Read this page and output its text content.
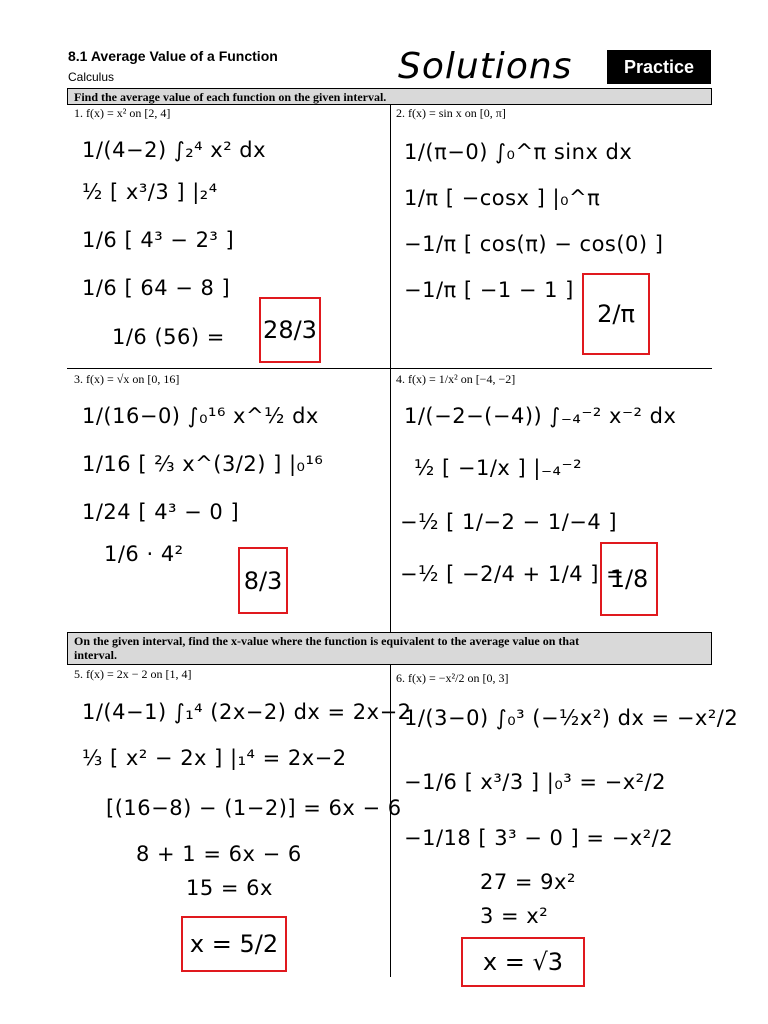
8.1 Average Value of a Function
Calculus	Solutions	Practice
Find the average value of each function on the given interval.
1. f(x) = x² on [2, 4]
1/(4−2) ∫₂⁴ x² dx
½ [ x³/3 ] |₂⁴
1/6 [ 4³ − 2³ ]
1/6 [ 64 − 8 ]
1/6 (56) = 28/3
2. f(x) = sin x on [0, π]
1/(π−0) ∫₀^π sinx dx
1/π [ −cosx ] |₀^π
−1/π [ cos(π) − cos(0) ]
−1/π [ −1 − 1 ]
2/π
3. f(x) = √x on [0, 16]
1/(16−0) ∫₀¹⁶ x^½ dx
1/16 [ ⅔ x^(3/2) ] |₀¹⁶
1/24 [ 4³ − 0 ]
1/6 · 4²
8/3
4. f(x) = 1/x² on [−4, −2]
1/(−2−(−4)) ∫₋₄⁻² x⁻² dx
½ [ −1/x ] |₋₄⁻²
−½ [ 1/−2 − 1/−4 ]
−½ [ −2/4 + 1/4 ] =
1/8
On the given interval, find the x-value where the function is equivalent to the average value on that
interval.
5. f(x) = 2x − 2 on [1, 4]
1/(4−1) ∫₁⁴ (2x−2) dx = 2x−2
⅓ [ x² − 2x ] |₁⁴ = 2x−2
[(16−8) − (1−2)] = 6x − 6
8 + 1 = 6x − 6
15 = 6x
x = 5/2
6. f(x) = −x²/2 on [0, 3]
1/(3−0) ∫₀³ (−½x²) dx = −x²/2
−1/6 [ x³/3 ] |₀³ = −x²/2
−1/18 [ 3³ − 0 ] = −x²/2
27 = 9x²
3 = x²
x = √3
